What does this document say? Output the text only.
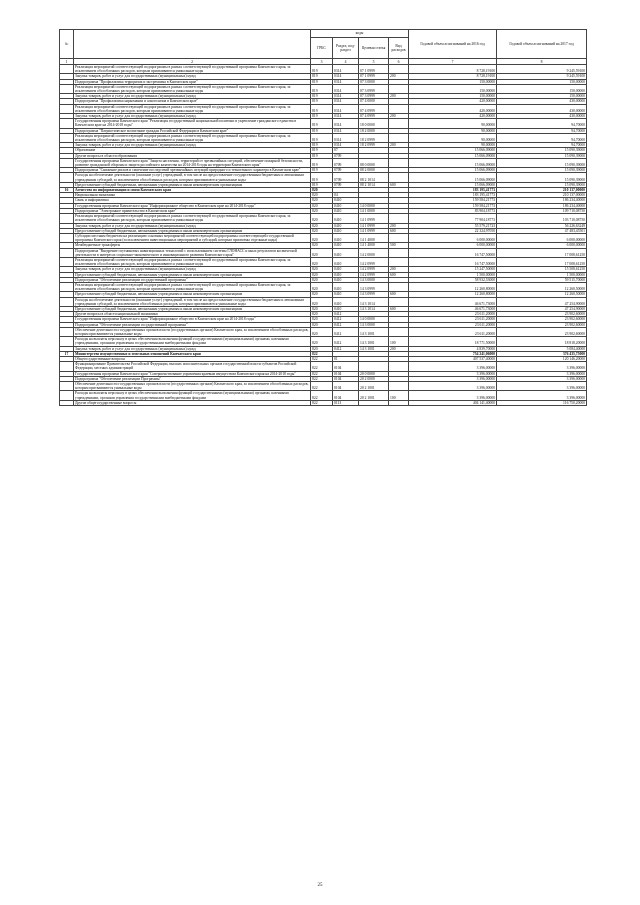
№		коды				Годовой объем ассигнований на 2016 год	Годовой объем ассигнований на 2017 год
		ГРБС	Раздел, под-раздел	Целевая статья	Вид расходов		
1	2	3	4	5	6	7	8
	Реализация мероприятий соответствующей подпрограммы в рамках соответствующей государственной программы Камчатского края, за исключением обособленных расходов, которым присваиваются уникальные коды	819	0314	07 1 0999		8 728,19100	9 245,59100
	Закупка товаров, работ и услуг для государственных (муниципальных) нужд	819	0314	07 1 0999	200	8 728,19100	9 245,59100
	Подпрограмма "Профилактика терроризма и экстремизма в Камчатском крае"	819	0314	07 3 0000		150,00000	150,00000
	Реализация мероприятий соответствующей подпрограммы в рамках соответствующей государственной программы Камчатского края, за исключением обособленных расходов, которым присваиваются уникальные коды	819	0314	07 3 0999		150,00000	150,00000
	Закупка товаров, работ и услуг для государственных (муниципальных) нужд	819	0314	07 3 0999	200	150,00000	150,00000
	Подпрограмма "Профилактика наркомании и алкоголизма в Камчатском крае"	819	0314	07 4 0000		420,00000	430,00000
	Реализация мероприятий соответствующей подпрограммы в рамках соответствующей государственной программы Камчатского края, за исключением обособленных расходов, которым присваиваются уникальные коды	819	0314	07 4 0999		420,00000	430,00000
	Закупка товаров, работ и услуг для государственных (муниципальных) нужд	819	0314	07 4 0999	200	420,00000	430,00000
	Государственная программа Камчатского края "Реализация государственной национальной политики и укрепление гражданского единства в Камчатском крае на 2014-2018 годы"	819	0314	18 0 0000		90,00000	94,70000
	Подпрограмма "Патриотическое воспитание граждан Российской Федерации в Камчатском крае"	819	0314	18 2 0000		90,00000	94,70000
	Реализация мероприятий соответствующей подпрограммы в рамках соответствующей государственной программы Камчатского края, за исключением обособленных расходов, которым присваиваются уникальные коды	819	0314	18 2 0999		90,00000	94,70000
	Закупка товаров, работ и услуг для государственных (муниципальных) нужд	819	0314	18 2 0999	200	90,00000	94,70000
	Образование	819	07			15 066,09000	15 090,39000
	Другие вопросы в области образования	819	0709			15 066,09000	15 090,39000
	Государственная программа Камчатского края "Защита населения, территорий от чрезвычайных ситуаций, обеспечение пожарной безопасности, развитие гражданской обороны и защита российского казачества на 2014-2018 годы на территории Камчатского края"	819	0709	08 0 0000		15 066,09000	15 090,39000
	Подпрограмма "Снижение рисков и смягчение последствий чрезвычайных ситуаций природного и техногенного характера в Камчатском крае"	819	0709	08 2 0000		15 066,09000	15 090,39000
	Расходы на обеспечение деятельности (оказание услуг) учреждений, в том числе на предоставление государственным бюджетным и автономным учреждениям субсидий, за исключением обособленных расходов, которым присваиваются уникальные коды	819	0709	08 2 1014		15 066,09000	15 090,39000
	Предоставление субсидий бюджетным, автономным учреждениям и иным некоммерческим организациям	819	0709	08 2 1014	600	15 066,09000	15 090,39000
16	Агентство по информатизации и связи Камчатского края	820				183 195,41773	210 137,00000
	Национальная экономика	820	04			183 195,41773	210 137,00000
	Связь и информатика	820	0410			159 584,21773	186 234,40000
	Государственная программа Камчатского края "Информационное общество в Камчатском крае на 2014-2018 годы"	820	0410	14 0 0000		159 584,21773	186 234,40000
	Подпрограмма "Электронное правительство в Камчатском крае"	820	0410	14 1 0000		83 904,18773	109 710,08750
	Реализация мероприятий соответствующей подпрограммы в рамках соответствующей государственной программы Камчатского края, за исключением обособленных расходов, которым присваиваются уникальные коды	820	0410	14 1 0999		77 904,18773	103 710,08750
	Закупка товаров, работ и услуг для государственных (муниципальных) нужд	820	0410	14 1 0999	200	55 579,21723	56 226,63249
	Предоставление субсидий бюджетным, автономным учреждениям и иным некоммерческим организациям	820	0410	14 1 0999	600	22 324,97050	47 483,45501
	Субсидии местным бюджетам на реализацию основных мероприятий соответствующей подпрограммы соответствующей государственной программы Камчатского края (за исключением инвестиционных мероприятий и субсидий, которым присвоены отдельные коды)	820	0410	14 1 4000		6 000,00000	6 000,00000
	Межбюджетные трансферты	820	0410	14 1 4000	500	6 000,00000	6 000,00000
	Подпрограмма "Внедрение спутниковых навигационных технологий с использованием системы ГЛОНАСС и иных результатов космической деятельности в интересах социально-экономического и инновационного развития Камчатского края"	820	0410	14 2 0000		16 747,50000	17 008,61250
	Реализация мероприятий соответствующей подпрограммы в рамках соответствующей государственной программы Камчатского края, за исключением обособленных расходов, которым присваиваются уникальные коды	820	0410	14 2 0999		16 747,50000	17 008,61250
	Закупка товаров, работ и услуг для государственных (муниципальных) нужд	820	0410	14 2 0999	200	15 247,50000	15 508,61250
	Предоставление субсидий бюджетным, автономным учреждениям и иным некоммерческим организациям	820	0410	14 2 0999	600	1 500,00000	1 500,00000
	Подпрограмма "Обеспечение реализации государственной программы"	820	0410	14 3 0000		58 932,53000	59 515,70000
	Реализация мероприятий соответствующей подпрограммы в рамках соответствующей государственной программы Камчатского края, за исключением обособленных расходов, которым присваиваются уникальные коды	820	0410	14 3 0999		12 260,80000	12 260,50000
	Предоставление субсидий бюджетным, автономным учреждениям и иным некоммерческим организациям	820	0410	14 3 0999	600	12 260,80000	12 260,50000
	Расходы на обеспечение деятельности (оказание услуг) учреждений, в том числе на предоставление государственным бюджетным и автономным учреждениям субсидий, за исключением обособленных расходов, которым присваиваются уникальные коды	820	0410	14 3 1014		46 671,73000	47 254,90000
	Предоставление субсидий бюджетным, автономным учреждениям и иным некоммерческим организациям	820	0410	14 3 1014	600	46 671,73000	47 254,90000
	Другие вопросы в области национальной экономики	820	0412			23 611,20000	23 902,60000
	Государственная программа Камчатского края "Информационное общество в Камчатском крае на 2014-2018 годы"	820	0412	14 0 0000		23 611,20000	23 902,60000
	Подпрограмма "Обеспечение реализации государственной программы"	820	0412	14 3 0000		23 611,20000	23 902,60000
	Обеспечение деятельности государственных органов власти (государственных органов) Камчатского края, за исключением обособленных расходов, которым присваиваются уникальные коды	820	0412	14 3 1001		23 611,20000	23 902,60000
	Расходы на выплаты персоналу в целях обеспечения выполнения функций государственными (муниципальными) органами, казенными учреждениями, органами управления государственными внебюджетными фондами	820	0412	14 3 1001	100	18 771,50000	18 818,20000
	Закупка товаров, работ и услуг для государственных (муниципальных) нужд	820	0412	14 3 1001	200	4 839,70000	5 084,40000
17	Министерство имущественных и земельных отношений Камчатского края	822				754 241,06000	376 435,75000
	Общегосударственные вопросы	822	01			407 537,40000	120 146,20000
	Функционирование Правительства Российской Федерации, высших исполнительных органов государственной власти субъектов Российской Федерации, местных администраций	822	0104			3 396,00000	3 396,00000
	Государственная программа Камчатского края "Совершенствование управления краевым имуществом Камчатского края на 2014-2018 годы"	822	0104	20 0 0000		3 396,00000	3 396,00000
	Подпрограмма "Обеспечение реализации Программы"	822	0104	20 2 0000		3 396,00000	3 396,00000
	Обеспечение деятельности государственных органов власти (государственных органов) Камчатского края, за исключением обособленных расходов, которым присваиваются уникальные коды	822	0104	20 2 1001		3 396,00000	3 396,00000
	Расходы на выплаты персоналу в целях обеспечения выполнения функций государственными (муниципальными) органами, казенными учреждениями, органами управления государственными внебюджетными фондами	822	0104	20 2 1001	100	3 396,00000	3 396,00000
	Другие общегосударственные вопросы	822	0113			404 141,40000	116 750,20000
25
